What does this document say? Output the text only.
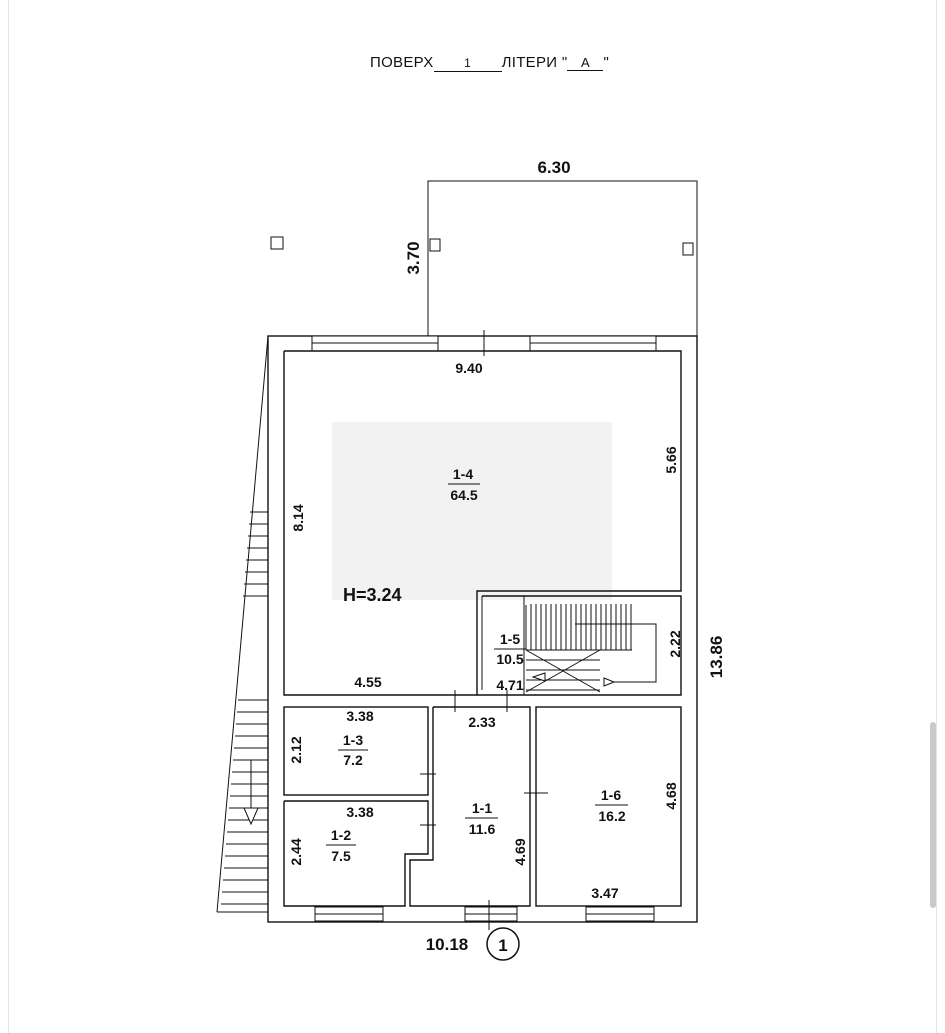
ПОВЕРХ	1 ЛІТЕРИ " А "
6.30
3.70
10.18
13.86
1
H=3.24
1-4
64.5
9.40
5.66
8.14
4.55
1-5
10.5
4.71
2.22
2.33
3.38
1-3
7.2
2.12
3.38
1-2
7.5
2.44
1-1
11.6
4.69
1-6
16.2
4.68
3.47
